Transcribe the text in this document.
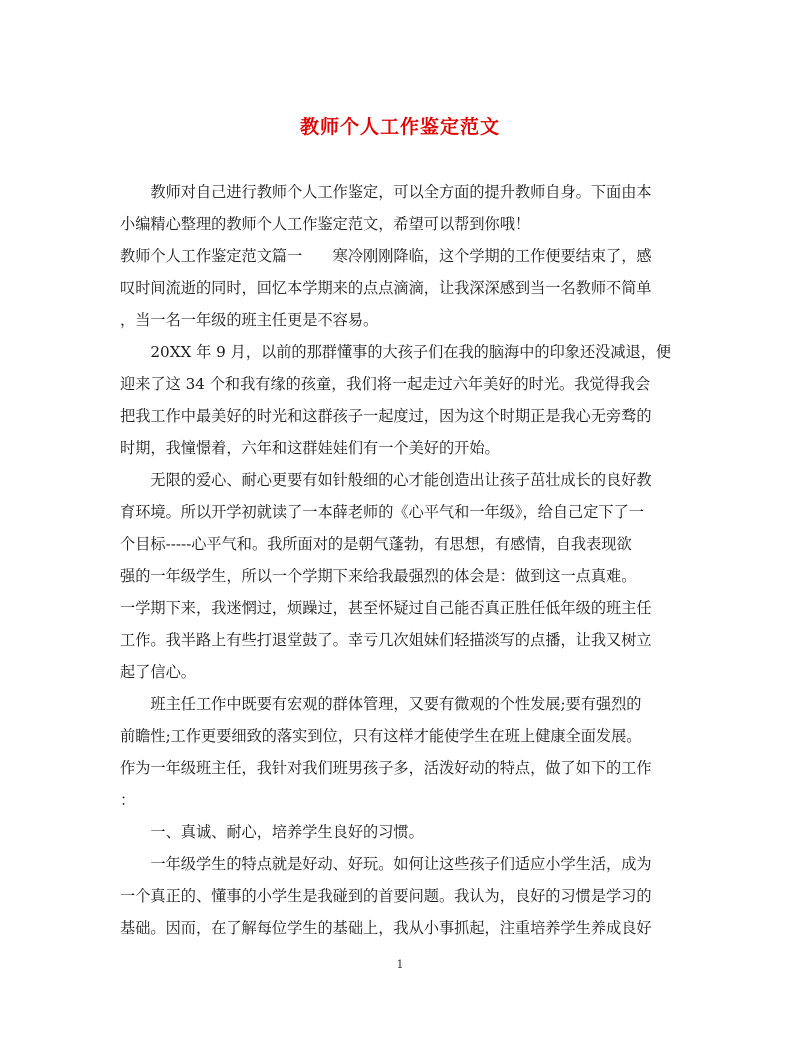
教师个人工作鉴定范文
　　教师对自己进行教师个人工作鉴定，可以全方面的提升教师自身。下面由本
小编精心整理的教师个人工作鉴定范文，希望可以帮到你哦！
教师个人工作鉴定范文篇一　　寒冷刚刚降临，这个学期的工作便要结束了，感
叹时间流逝的同时，回忆本学期来的点点滴滴，让我深深感到当一名教师不简单
，当一名一年级的班主任更是不容易。
　　20XX 年 9 月，以前的那群懂事的大孩子们在我的脑海中的印象还没减退，便
迎来了这 34 个和我有缘的孩童，我们将一起走过六年美好的时光。我觉得我会
把我工作中最美好的时光和这群孩子一起度过，因为这个时期正是我心无旁骛的
时期，我憧憬着，六年和这群娃娃们有一个美好的开始。
　　无限的爱心、耐心更要有如针般细的心才能创造出让孩子茁壮成长的良好教
育环境。所以开学初就读了一本薛老师的《心平气和一年级》，给自己定下了一
个目标-----心平气和。我所面对的是朝气蓬勃，有思想，有感情，自我表现欲
强的一年级学生，所以一个学期下来给我最强烈的体会是：做到这一点真难。
一学期下来，我迷惘过，烦躁过，甚至怀疑过自己能否真正胜任低年级的班主任
工作。我半路上有些打退堂鼓了。幸亏几次姐妹们轻描淡写的点播，让我又树立
起了信心。
　　班主任工作中既要有宏观的群体管理，又要有微观的个性发展;要有强烈的
前瞻性;工作更要细致的落实到位，只有这样才能使学生在班上健康全面发展。
作为一年级班主任，我针对我们班男孩子多，活泼好动的特点，做了如下的工作
：
　　一、真诚、耐心，培养学生良好的习惯。
　　一年级学生的特点就是好动、好玩。如何让这些孩子们适应小学生活，成为
一个真正的、懂事的小学生是我碰到的首要问题。我认为，良好的习惯是学习的
基础。因而，在了解每位学生的基础上，我从小事抓起，注重培养学生养成良好
1
